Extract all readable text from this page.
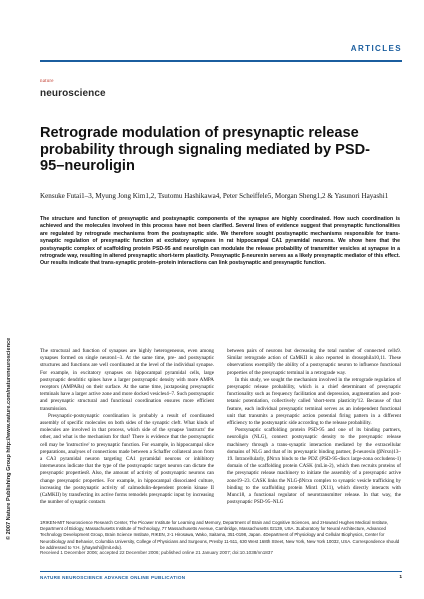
ARTICLES
nature
neuroscience
© 2007 Nature Publishing Group http://www.nature.com/natureneuroscience
Retrograde modulation of presynaptic release probability through signaling mediated by PSD-95–neuroligin
Kensuke Futai1–3, Myung Jong Kim1,2, Tsutomu Hashikawa4, Peter Scheiffele5, Morgan Sheng1,2 & Yasunori Hayashi1
The structure and function of presynaptic and postsynaptic components of the synapse are highly coordinated. How such coordination is achieved and the molecules involved in this process have not been clarified. Several lines of evidence suggest that presynaptic functionalities are regulated by retrograde mechanisms from the postsynaptic side. We therefore sought postsynaptic mechanisms responsible for trans-synaptic regulation of presynaptic function at excitatory synapses in rat hippocampal CA1 pyramidal neurons. We show here that the postsynaptic complex of scaffolding protein PSD-95 and neuroligin can modulate the release probability of transmitter vesicles at synapse in a retrograde way, resulting in altered presynaptic short-term plasticity. Presynaptic β-neurexin serves as a likely presynaptic mediator of this effect. Our results indicate that trans-synaptic protein–protein interactions can link postsynaptic and presynaptic function.

The structural and function of synapses are highly heterogeneous, even among synapses formed on single neuron1–3. At the same time, pre- and postsynaptic structures and functions are well coordinated at the level of the individual synapse. For example, in excitatory synapses on hippocampal pyramidal cells, large postsynaptic dendritic spines have a larger postsynaptic density with more AMPA receptors (AMPARs) on their surface. At the same time, juxtaposing presynaptic terminals have a larger active zone and more docked vesicles4–7. Such postsynaptic and presynaptic structural and functional coordination ensures more efficient transmission.

Presynaptic-postsynaptic coordination is probably a result of coordinated assembly of specific molecules on both sides of the synaptic cleft. What kinds of molecules are involved in that process, which side of the synapse 'instructs' the other, and what is the mechanism for that? There is evidence that the postsynaptic cell may be 'instructive' to presynaptic function. For example, in hippocampal slice preparations, analyses of connections made between a Schaffer collateral axon from a CA3 pyramidal neuron targeting CA1 pyramidal neurons or inhibitory interneurons indicate that the type of the postsynaptic target neuron can dictate the presynaptic properties8. Also, the amount of activity of postsynaptic neurons can change presynaptic properties. For example, in hippocampal dissociated culture, increasing the postsynaptic activity of calmodulin-dependent protein kinase II (CaMKII) by transfecting its active forms remodels presynaptic input by increasing the number of synaptic contacts

between pairs of neurons but decreasing the total number of connected cells9. Similar retrograde action of CaMKII is also reported in drosophila10,11. These observations exemplify the ability of a postsynaptic neuron to influence functional properties of the presynaptic terminal in a retrograde way.

In this study, we sought the mechanism involved in the retrograde regulation of presynaptic release probability, which is a chief determinant of presynaptic functionality such as frequency facilitation and depression, augmentation and post-tetanic potentiation, collectively called 'short-term plasticity'12. Because of that feature, each individual presynaptic terminal serves as an independent functional unit that transmits a presynaptic action potential firing pattern in a different efficiency to the postsynaptic side according to the release probability.

Postsynaptic scaffolding protein PSD-95 and one of its binding partners, neuroligin (NLG), connect postsynaptic density to the presynaptic release machinery through a trans-synaptic interaction mediated by the extracellular domains of NLG and that of its presynaptic binding partner, β-neurexin (βNrxn)13–19. Intracellularly, βNrxn binds to the PDZ (PSD-95-discs large-zona occludens-1) domain of the scaffolding protein CASK (mLin-2), which then recruits proteins of the presynaptic release machinery to initiate the assembly of a presynaptic active zone19–23. CASK links the NLG-βNrxn complex to synaptic vesicle trafficking by binding to the scaffolding protein Mint1 (X11), which directly interacts with Munc18, a functional regulator of neurotransmitter release. In that way, the postsynaptic PSD-95–NLG

1RIKEN-MIT Neuroscience Research Center, The Picower Institute for Learning and Memory, Department of Brain and Cognitive Sciences, and 2Howard Hughes Medical Institute, Department of Biology, Massachusetts Institute of Technology, 77 Massachusetts Avenue, Cambridge, Massachusetts 02139, USA. 3Laboratory for Neural Architecture, Advanced Technology Development Group, Brain Science Institute, RIKEN, 2-1 Hirosawa, Wako, Saitama, 351-0198, Japan. 4Department of Physiology and Cellular Biophysics, Center for Neurobiology and Behavior, Columbia University, College of Physicians and Surgeons, Presby 11-511, 630 West 168th Street, New York, New York 10032, USA. Correspondence should be addressed to Y.H. (yhayashi@mit.edu).
Received 1 December 2006; accepted 22 December 2006; published online 21 January 2007; doi:10.1038/nn1837
NATURE NEUROSCIENCE ADVANCE ONLINE PUBLICATION	1
